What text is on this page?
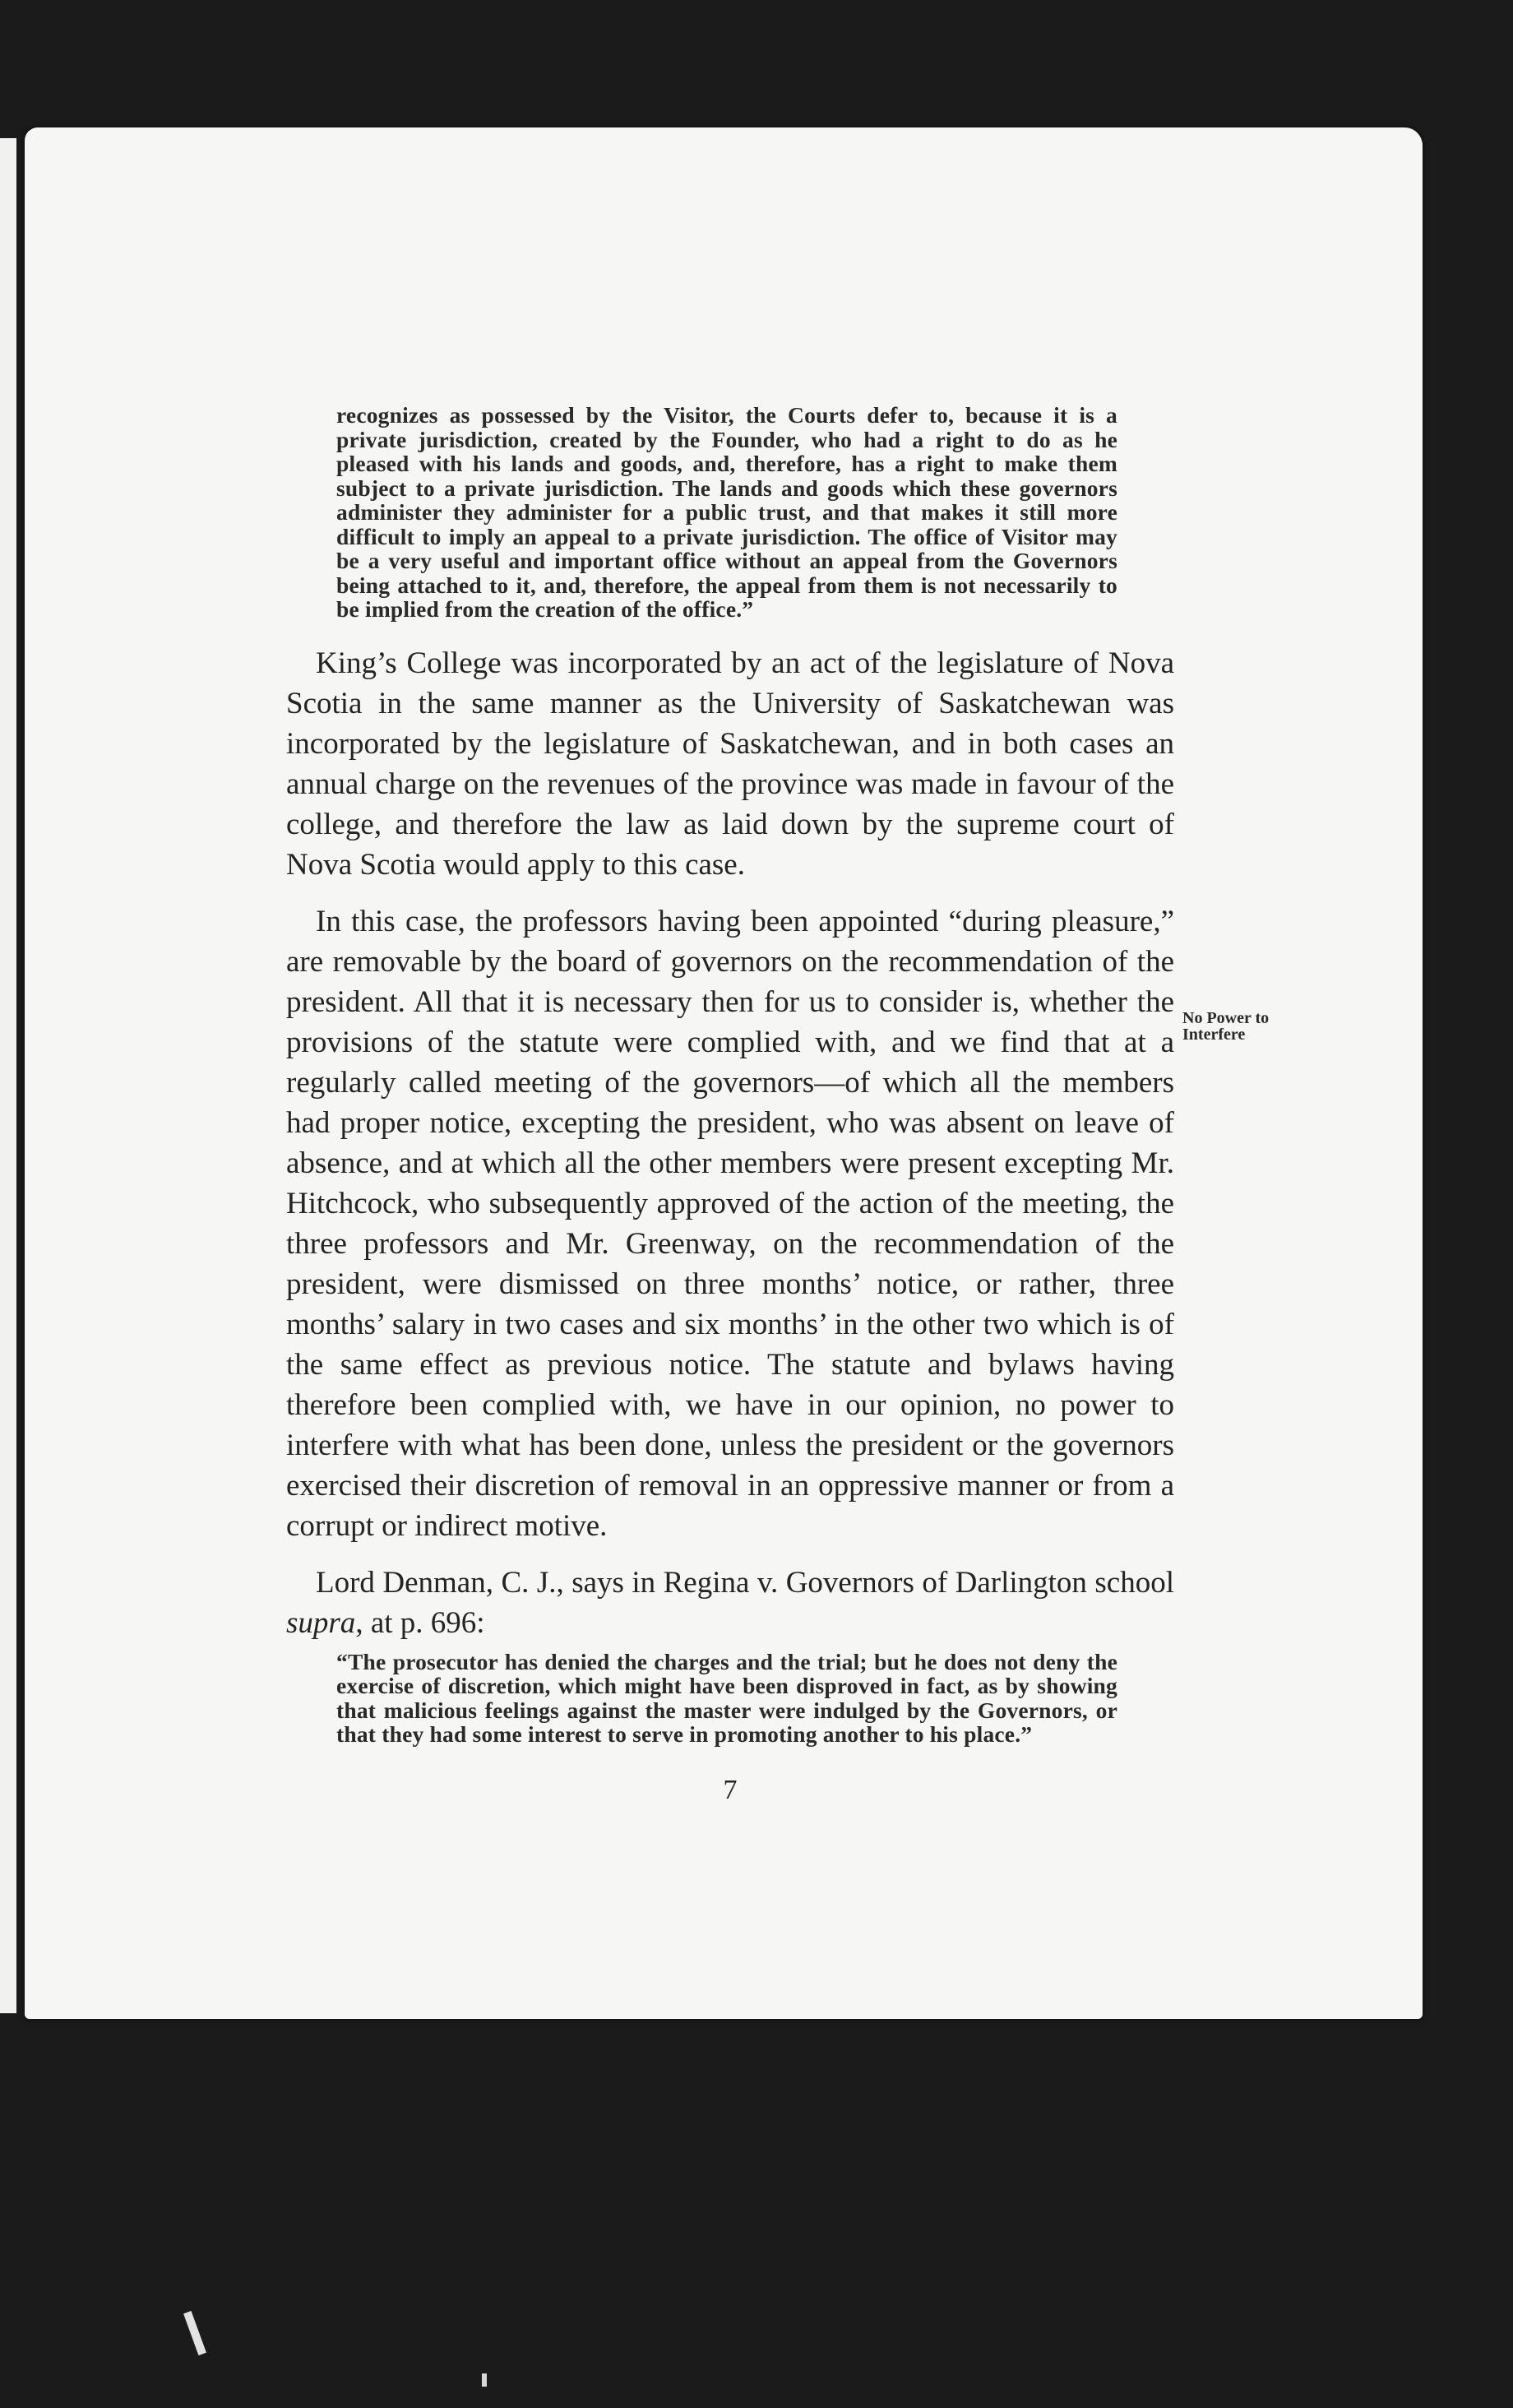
No Power to
Interfere

recognizes as possessed by the Visitor, the Courts defer to, because it is a private jurisdiction, created by the Founder, who had a right to do as he pleased with his lands and goods, and, therefore, has a right to make them subject to a private jurisdiction. The lands and goods which these governors administer they administer for a public trust, and that makes it still more difficult to imply an appeal to a private jurisdiction. The office of Visitor may be a very useful and important office without an appeal from the Governors being attached to it, and, therefore, the appeal from them is not necessarily to be implied from the creation of the office.”

King’s College was incorporated by an act of the legislature of Nova Scotia in the same manner as the University of Saskatchewan was incorporated by the legislature of Saskatchewan, and in both cases an annual charge on the revenues of the province was made in favour of the college, and therefore the law as laid down by the supreme court of Nova Scotia would apply to this case.

In this case, the professors having been appointed “during pleasure,” are removable by the board of governors on the recommendation of the president. All that it is necessary then for us to consider is, whether the provisions of the statute were complied with, and we find that at a regularly called meeting of the governors—of which all the members had proper notice, excepting the president, who was absent on leave of absence, and at which all the other members were present excepting Mr. Hitchcock, who subsequently approved of the action of the meeting, the three professors and Mr. Greenway, on the recommendation of the president, were dismissed on three months’ notice, or rather, three months’ salary in two cases and six months’ in the other two which is of the same effect as previous notice. The statute and bylaws having therefore been complied with, we have in our opinion, no power to interfere with what has been done, unless the president or the governors exercised their discretion of removal in an oppressive manner or from a corrupt or indirect motive.

Lord Denman, C. J., says in Regina v. Governors of Darlington school supra, at p. 696:

“The prosecutor has denied the charges and the trial; but he does not deny the exercise of discretion, which might have been disproved in fact, as by showing that malicious feelings against the master were indulged by the Governors, or that they had some interest to serve in promoting another to his place.”

7
